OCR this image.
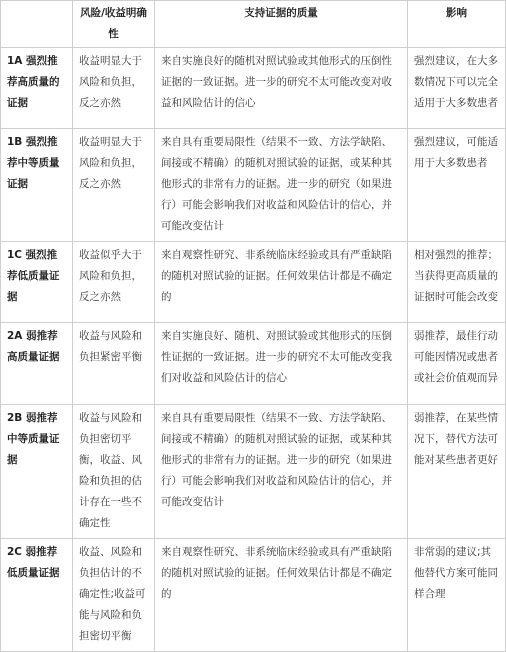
	风险/收益明确性	支持证据的质量	影响
1A 强烈推荐高质量的证据	收益明显大于风险和负担，反之亦然	来自实施良好的随机对照试验或其他形式的压倒性证据的一致证据。进一步的研究不太可能改变对收益和风险估计的信心	强烈建议，在大多数情况下可以完全适用于大多数患者
1B 强烈推荐中等质量证据	收益明显大于风险和负担，反之亦然	来自具有重要局限性（结果不一致、方法学缺陷、间接或不精确）的随机对照试验的证据，或某种其他形式的非常有力的证据。进一步的研究（如果进行）可能会影响我们对收益和风险估计的信心，并可能改变估计	强烈建议，可能适用于大多数患者
1C 强烈推荐低质量证据	收益似乎大于风险和负担，反之亦然	来自观察性研究、非系统临床经验或具有严重缺陷的随机对照试验的证据。任何效果估计都是不确定的	相对强烈的推荐；当获得更高质量的证据时可能会改变
2A 弱推荐高质量证据	收益与风险和负担紧密平衡	来自实施良好、随机、对照试验或其他形式的压倒性证据的一致证据。进一步的研究不太可能改变我们对收益和风险估计的信心	弱推荐，最佳行动可能因情况或患者或社会价值观而异
2B 弱推荐中等质量证据	收益与风险和负担密切平衡，收益、风险和负担的估计存在一些不确定性	来自具有重要局限性（结果不一致、方法学缺陷、间接或不精确）的随机对照试验的证据，或某种其他形式的非常有力的证据。进一步的研究（如果进行）可能会影响我们对收益和风险估计的信心，并可能改变估计	弱推荐，在某些情况下，替代方法可能对某些患者更好
2C 弱推荐低质量证据	收益、风险和负担估计的不确定性;收益可能与风险和负担密切平衡	来自观察性研究、非系统临床经验或具有严重缺陷的随机对照试验的证据。任何效果估计都是不确定的	非常弱的建议;其他替代方案可能同样合理
